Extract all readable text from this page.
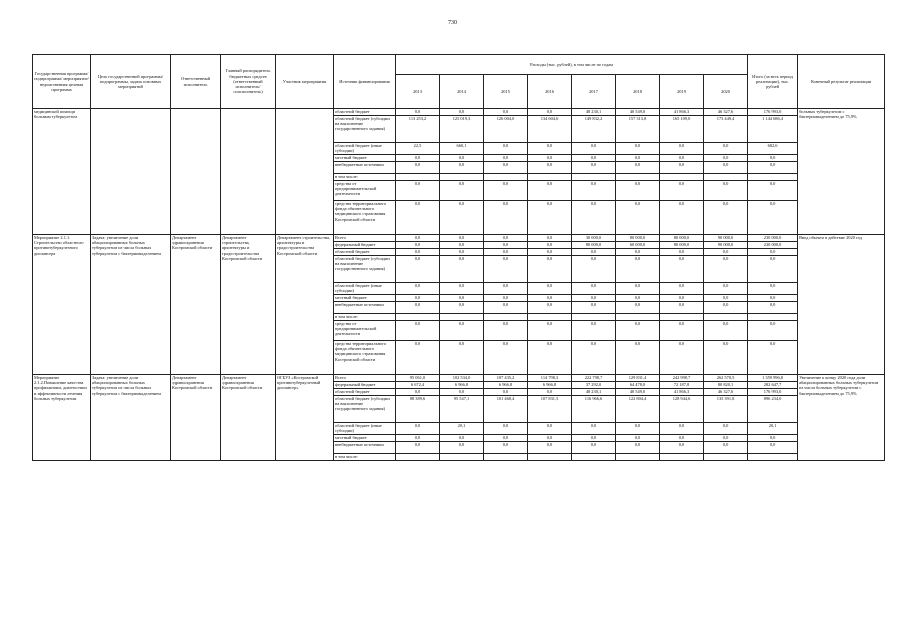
730
Государственная программа/подпрограмма/ мероприятие/ ведомственная целевая программа	Цель государственной программы/подпрограммы, задача основных мероприятий	Ответственный исполнитель	Главный распорядитель бюджетных средств (ответственный исполнитель/ соисполнитель)	Участник мероприятия	Источник финансирования	Расходы (тыс. рублей), в том числе по годам								Итого (за весь период реализации), тыс. рублей	Конечный результат реализации
						2013	2014	2015	2016	2017	2018	2019	2020		
медицинской помощи больным туберкулезом					областной бюджет	0,0	0,0	0,0	0,0	48 230,1	40 549,0	41 866,3	46 327,6	176 993,0	больных туберкулезом с бактериовыделением до 75,9%
					областной бюджет (субсидии на выполнение государственного задания)	113 253,2	125 019,3	126 004,0	134 604,6	149 832,2	157 313,8	165 109,0	173 449,4	1 144 686,4	
					областной бюджет (иные субсидии)	22,5	660,1	0,0	0,0	0,0	0,0	0,0	0,0	682,6	
					местный бюджет	0,0	0,0	0,0	0,0	0,0	0,0	0,0	0,0	0,0	
					внебюджетные источники	0,0	0,0	0,0	0,0	0,0	0,0	0,0	0,0	0,0	
					в том числе:										
					средства от предпринимательской деятельности	0,0	0,0	0,0	0,0	0,0	0,0	0,0	0,0	0,0	
					средства территориального фонда обязательного медицинского страхования Костромской области	0,0	0,0	0,0	0,0	0,0	0,0	0,0	0,0	0,0	
Мероприятие 2.1.1. Строительство областного противотуберкулезного диспансера	Задача: увеличение доли абациллированных больных туберкулезом из числа больных туберкулезом с бактериовыделением	Департамент здравоохранения Костромской области	Департамент строительства, архитектуры и градостроительства Костромской области	Департамент строительства, архитектуры и градостроительства Костромской области	Всего	0,0	0,0	0,0	0,0	30 000,0	80 000,0	80 000,0	90 000,0	230 000,0	Ввод объекта в действие 2020 год
					федеральный бюджет	0,0	0,0	0,0	0,0	80 000,0	60 000,0	80 000,0	90 000,0	230 000,0	
					областной бюджет	0,0	0,0	0,0	0,0	0,0	0,0	0,0	0,0	0,0	
					областной бюджет (субсидии на выполнение государственного задания)	0,0	0,0	0,0	0,0	0,0	0,0	0,0	0,0	0,0	
					областной бюджет (иные субсидии)	0,0	0,0	0,0	0,0	0,0	0,0	0,0	0,0	0,0	
					местный бюджет	0,0	0,0	0,0	0,0	0,0	0,0	0,0	0,0	0,0	
					внебюджетные источники	0,0	0,0	0,0	0,0	0,0	0,0	0,0	0,0	0,0	
					в том числе:										
					средства от предпринимательской деятельности	0,0	0,0	0,0	0,0	0,0	0,0	0,0	0,0	0,0	
					средства территориального фонда обязательного медицинского страхования Костромской области	0,0	0,0	0,0	0,0	0,0	0,0	0,0	0,0	0,0	
Мероприятие 2.1.2.Повышение качества профилактики, диагностики и эффективности лечения больных туберкулезом	Задача: увеличение доли абациллированных больных туберкулезом из числа больных туберкулезом с бактериовыделением	Департамент здравоохранения Костромской области	Департамент здравоохранения Костромской области	ОГБУЗ «Костромской противотуберкулезный диспансер»	Всего	95 061,0	102 534,0	107 435,2	114 798,3	222 798,7	129 831,4	242 998,7	262 570,5	1 359 996,8	Увеличение к концу 2020 года доли абациллированных больных туберкулезом из числа больных туберкулезом с бактериовыделением до 75,9%
					федеральный бюджет	6 672,4	6 966,8	6 966,8	6 966,8	37 292,0	64 478,0	72 187,8	80 820,1	282 647,7	
					областной бюджет	0,0	0,0	0,0	0,0	48 230,1	40 549,0	41 866,3	46 327,6	176 993,0	
					областной бюджет (субсидии на выполнение государственного задания)	88 389,6	95 547,1	101 468,4	107 831,5	116 966,6	122 804,4	128 944,6	135 391,8	896 234,0	
					областной бюджет (иные субсидии)	0,0	20,1	0,0	0,0	0,0	0,0	0,0	0,0	20,1	
					местный бюджет	0,0	0,0	0,0	0,0	0,0	0,0	0,0	0,0	0,0	
					внебюджетные источники	0,0	0,0	0,0	0,0	0,0	0,0	0,0	0,0	0,0	
					в том числе:										
